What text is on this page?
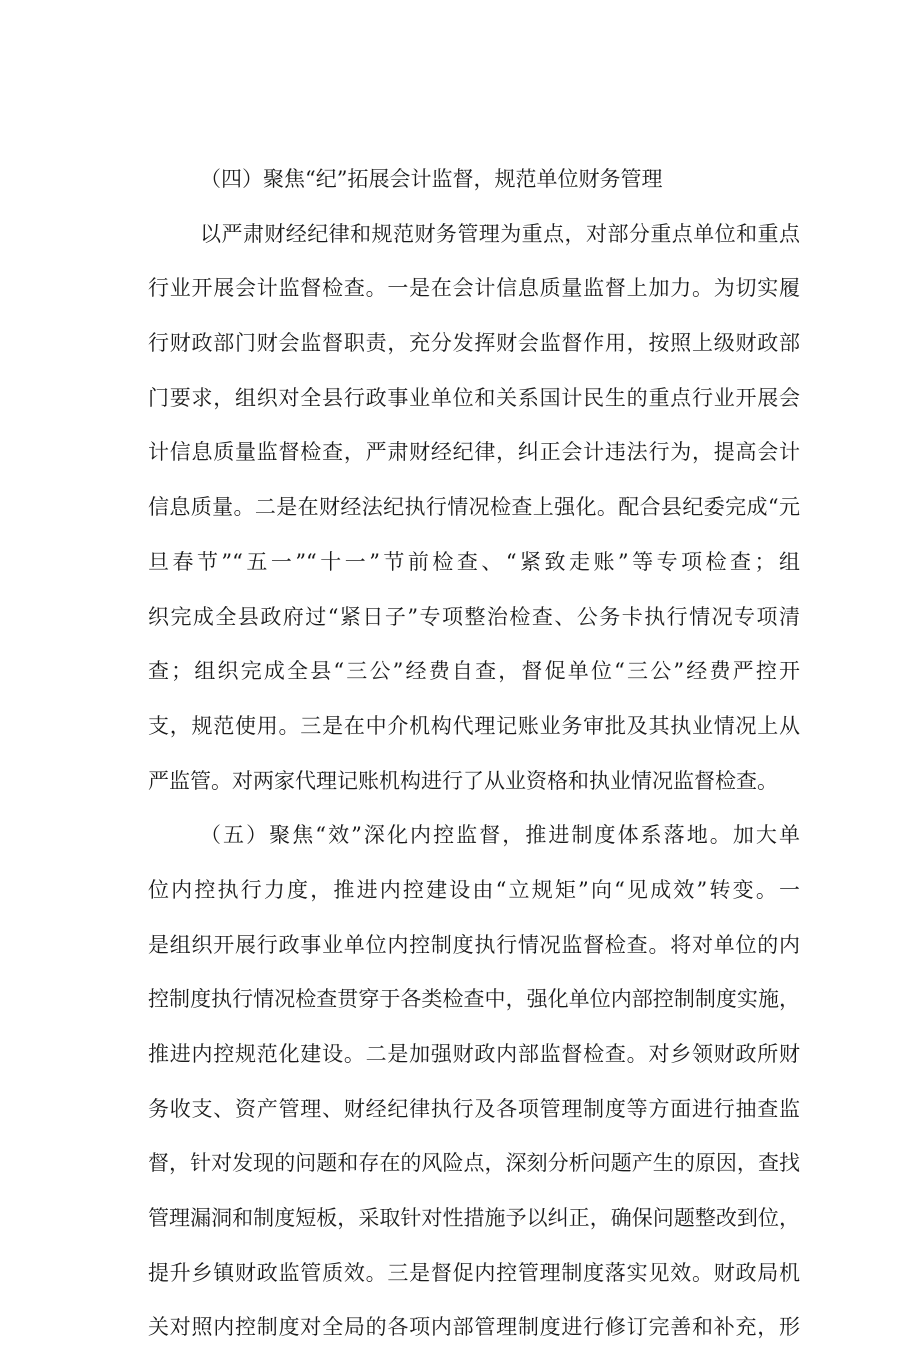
（四）聚焦“纪”拓展会计监督，规范单位财务管理
以严肃财经纪律和规范财务管理为重点，对部分重点单位和重点
行业开展会计监督检查。一是在会计信息质量监督上加力。为切实履
行财政部门财会监督职责，充分发挥财会监督作用，按照上级财政部
门要求，组织对全县行政事业单位和关系国计民生的重点行业开展会
计信息质量监督检查，严肃财经纪律，纠正会计违法行为，提高会计
信息质量。二是在财经法纪执行情况检查上强化。配合县纪委完成“元
旦春节”“五一”“十一”节前检查、“紧致走账”等专项检查；组
织完成全县政府过“紧日子”专项整治检查、公务卡执行情况专项清
查；组织完成全县“三公”经费自查，督促单位“三公”经费严控开
支，规范使用。三是在中介机构代理记账业务审批及其执业情况上从
严监管。对两家代理记账机构进行了从业资格和执业情况监督检查。
（五）聚焦“效”深化内控监督，推进制度体系落地。加大单
位内控执行力度，推进内控建设由“立规矩”向“见成效”转变。一
是组织开展行政事业单位内控制度执行情况监督检查。将对单位的内
控制度执行情况检查贯穿于各类检查中，强化单位内部控制制度实施，
推进内控规范化建设。二是加强财政内部监督检查。对乡领财政所财
务收支、资产管理、财经纪律执行及各项管理制度等方面进行抽查监
督，针对发现的问题和存在的风险点，深刻分析问题产生的原因，查找
管理漏洞和制度短板，采取针对性措施予以纠正，确保问题整改到位，
提升乡镇财政监管质效。三是督促内控管理制度落实见效。财政局机
关对照内控制度对全局的各项内部管理制度进行修订完善和补充，形
